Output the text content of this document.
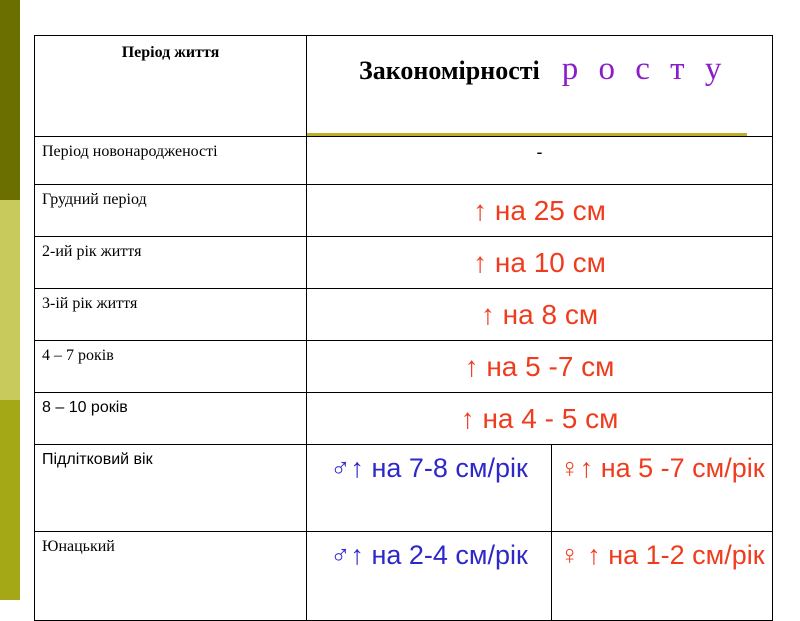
Період життя	Закономірності р о с т у	

Період новонародженості	-	
Грудний період	↑ на 25 см	
2-ий рік життя	↑ на 10 см	
3-ій рік життя	↑ на 8 см	
4 – 7 років	↑ на 5 -7 см	
8 – 10 років	↑ на 4 - 5 см	
Підлітковий вік	♂↑ на 7-8 см/рік	♀↑ на 5 -7 см/рік
Юнацький	♂↑ на 2-4 см/рік	♀ ↑ на 1-2 см/рік
